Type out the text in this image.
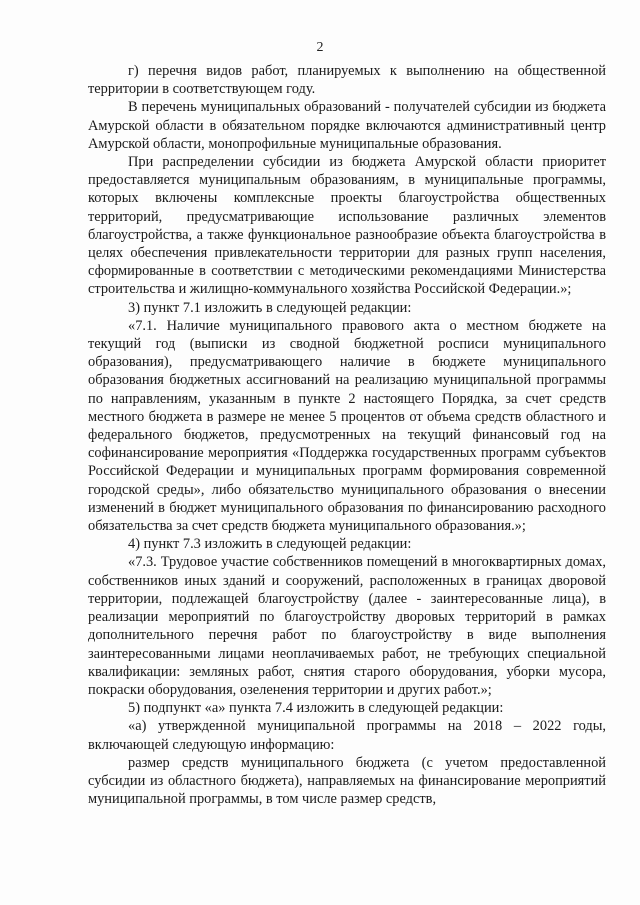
2

г) перечня видов работ, планируемых к выполнению на общественной территории в соответствующем году.

В перечень муниципальных образований - получателей субсидии из бюджета Амурской области в обязательном порядке включаются административный центр Амурской области, монопрофильные муниципальные образования.

При распределении субсидии из бюджета Амурской области приоритет предоставляется муниципальным образованиям, в муниципальные программы, которых включены комплексные проекты благоустройства общественных территорий, предусматривающие использование различных элементов благоустройства, а также функциональное разнообразие объекта благоустройства в целях обеспечения привлекательности территории для разных групп населения, сформированные в соответствии с методическими рекомендациями Министерства строительства и жилищно-коммунального хозяйства Российской Федерации.»;

3) пункт 7.1 изложить в следующей редакции:

«7.1. Наличие муниципального правового акта о местном бюджете на текущий год (выписки из сводной бюджетной росписи муниципального образования), предусматривающего наличие в бюджете муниципального образования бюджетных ассигнований на реализацию муниципальной программы по направлениям, указанным в пункте 2 настоящего Порядка, за счет средств местного бюджета в размере не менее 5 процентов от объема средств областного и федерального бюджетов, предусмотренных на текущий финансовый год на софинансирование мероприятия «Поддержка государственных программ субъектов Российской Федерации и муниципальных программ формирования современной городской среды», либо обязательство муниципального образования о внесении изменений в бюджет муниципального образования по финансированию расходного обязательства за счет средств бюджета муниципального образования.»;

4) пункт 7.3 изложить в следующей редакции:

«7.3. Трудовое участие собственников помещений в многоквартирных домах, собственников иных зданий и сооружений, расположенных в границах дворовой территории, подлежащей благоустройству (далее - заинтересованные лица), в реализации мероприятий по благоустройству дворовых территорий в рамках дополнительного перечня работ по благоустройству в виде выполнения заинтересованными лицами неоплачиваемых работ, не требующих специальной квалификации: земляных работ, снятия старого оборудования, уборки мусора, покраски оборудования, озеленения территории и других работ.»;

5) подпункт «а» пункта 7.4 изложить в следующей редакции:

«а) утвержденной муниципальной программы на 2018 – 2022 годы, включающей следующую информацию:

размер средств муниципального бюджета (с учетом предоставленной субсидии из областного бюджета), направляемых на финансирование мероприятий муниципальной программы, в том числе размер средств,
